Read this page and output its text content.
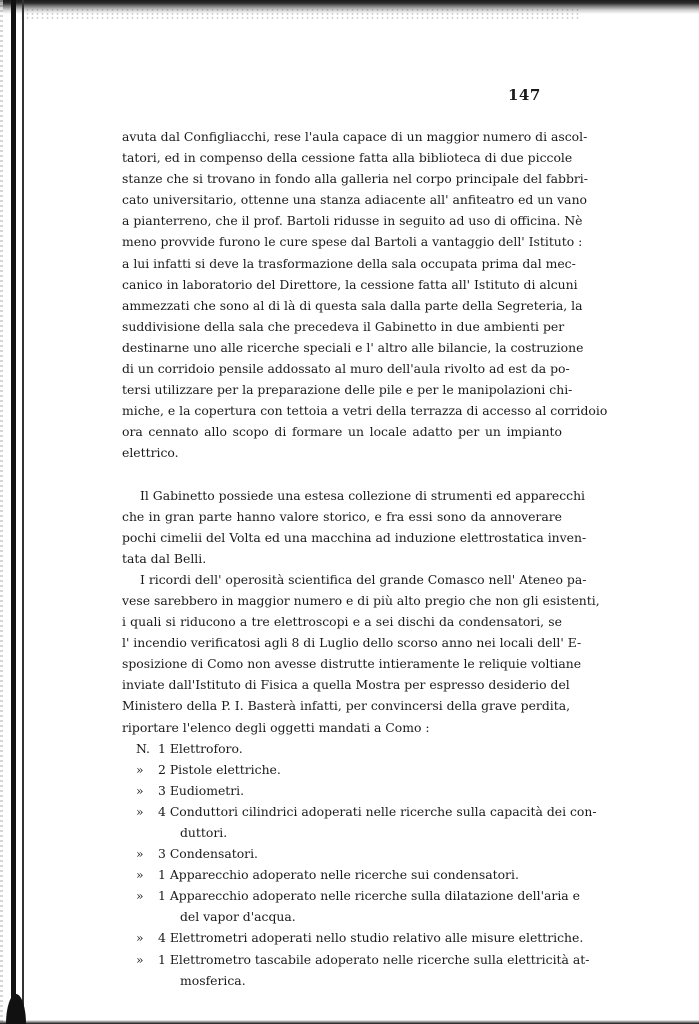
147
avuta dal Configliacchi, rese l'aula capace di un maggior numero di ascol-
tatori, ed in compenso della cessione fatta alla biblioteca di due piccole
stanze che si trovano in fondo alla galleria nel corpo principale del fabbri-
cato universitario, ottenne una stanza adiacente all' anfiteatro ed un vano
a pianterreno, che il prof. Bartoli ridusse in seguito ad uso di officina. Nè
meno provvide furono le cure spese dal Bartoli a vantaggio dell' Istituto :
a lui infatti si deve la trasformazione della sala occupata prima dal mec-
canico in laboratorio del Direttore, la cessione fatta all' Istituto di alcuni
ammezzati che sono al di là di questa sala dalla parte della Segreteria, la
suddivisione della sala che precedeva il Gabinetto in due ambienti per
destinarne uno alle ricerche speciali e l' altro alle bilancie, la costruzione
di un corridoio pensile addossato al muro dell'aula rivolto ad est da po-
tersi utilizzare per la preparazione delle pile e per le manipolazioni chi-
miche, e la copertura con tettoia a vetri della terrazza di accesso al corridoio
ora cennato allo scopo di formare un locale adatto per un impianto
elettrico.
Il Gabinetto possiede una estesa collezione di strumenti ed apparecchi
che in gran parte hanno valore storico, e fra essi sono da annoverare
pochi cimelii del Volta ed una macchina ad induzione elettrostatica inven-
tata dal Belli.
I ricordi dell' operosità scientifica del grande Comasco nell' Ateneo pa-
vese sarebbero in maggior numero e di più alto pregio che non gli esistenti,
i quali si riducono a tre elettroscopi e a sei dischi da condensatori, se
l' incendio verificatosi agli 8 di Luglio dello scorso anno nei locali dell' E-
sposizione di Como non avesse distrutte intieramente le reliquie voltiane
inviate dall'Istituto di Fisica a quella Mostra per espresso desiderio del
Ministero della P. I. Basterà infatti, per convincersi della grave perdita,
riportare l'elenco degli oggetti mandati a Como :
N. 1 Elettroforo.
» 2 Pistole elettriche.
» 3 Eudiometri.
» 4 Conduttori cilindrici adoperati nelle ricerche sulla capacità dei con-
duttori.
» 3 Condensatori.
» 1 Apparecchio adoperato nelle ricerche sui condensatori.
» 1 Apparecchio adoperato nelle ricerche sulla dilatazione dell'aria e
del vapor d'acqua.
» 4 Elettrometri adoperati nello studio relativo alle misure elettriche.
» 1 Elettrometro tascabile adoperato nelle ricerche sulla elettricità at-
mosferica.
